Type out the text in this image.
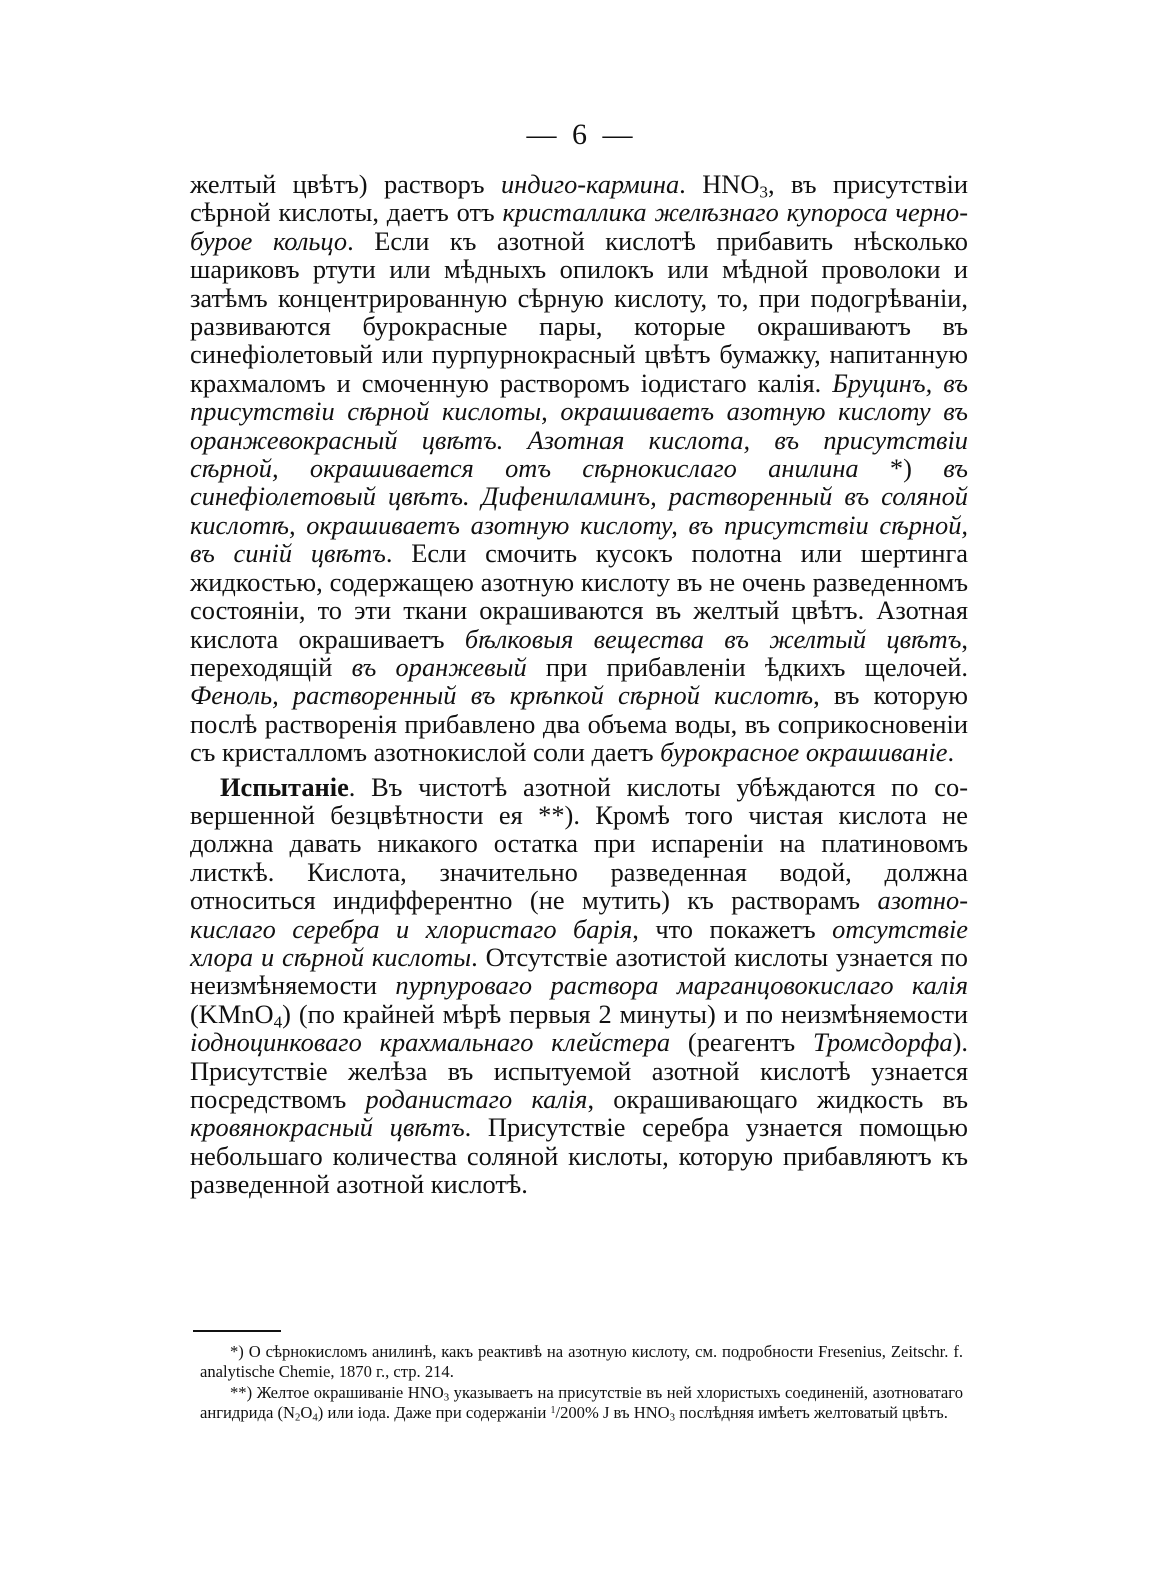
— 6 —

желтый цвѣтъ) растворъ индиго-кармина. $HNO_3$, въ присутствіи сѣрной кислоты, даетъ отъ кристаллика желѣзнаго купороса чернобурое кольцо. Если къ азотной кислотѣ прибавить нѣсколько шариковъ ртути или мѣдныхъ опилокъ или мѣдной проволоки и затѣмъ концентрированную сѣрную кислоту, то, при подогрѣваніи, развиваются бурокрасные пары, которые окрашиваютъ въ синефіолетовый или пурпурнокрасный цвѣтъ бумажку, напитанную крахмаломъ и смоченную растворомъ іодистаго калія. Бруцинъ, въ присутствіи сѣрной кислоты, окрашиваетъ азотную кислоту въ оранжевокрасный цвѣтъ. Азотная кислота, въ присутствіи сѣрной, окрашивается отъ сѣрнокислаго анилина *) въ синефіолетовый цвѣтъ. Дифениламинъ, растворенный въ соляной кислотѣ, окрашиваетъ азотную кислоту, въ присутствіи сѣрной, въ синій цвѣтъ. Если смочить кусокъ полотна или шертинга жидкостью, содержащею азотную кислоту въ не очень разведенномъ состояніи, то эти ткани окрашиваются въ желтый цвѣтъ. Азотная кислота окрашиваетъ бѣлковыя вещества въ желтый цвѣтъ, переходящій въ оранжевый при прибавленіи ѣдкихъ щелочей. Феноль, растворенный въ крѣпкой сѣрной кислотѣ, въ которую послѣ растворенія прибавлено два объема воды, въ соприкосновеніи съ кристалломъ азотнокислой соли даетъ бурокрасное окрашиваніе.

Испытаніе. Въ чистотѣ азотной кислоты убѣждаются по совершенной безцвѣтности ея **). Кромѣ того чистая кислота не должна давать никакого остатка при испареніи на платиновомъ листкѣ. Кислота, значительно разведенная водой, должна относиться индифферентно (не мутить) къ растворамъ азотнокислаго серебра и хлористаго барія, что покажетъ отсутствіе хлора и сѣрной кислоты. Отсутствіе азотистой кислоты узнается по неизмѣняемости пурпуроваго раствора марганцовокислаго калія (KMnO$_4$) (по крайней мѣрѣ первыя 2 минуты) и по неизмѣняемости іодноцинковаго крахмальнаго клейстера (реагентъ Тромсдорфа). Присутствіе желѣза въ испытуемой азотной кислотѣ узнается посредствомъ роданистаго калія, окрашивающаго жидкость въ кровянокрасный цвѣтъ. Присутствіе серебра узнается помощью небольшаго количества соляной кислоты, которую прибавляютъ къ разведенной азотной кислотѣ.

*) О сѣрнокисломъ анилинѣ, какъ реактивѣ на азотную кислоту, см. подробности Fresenius, Zeitschr. f. analytische Chemie, 1870 г., стр. 214.

**) Желтое окрашиваніе $HNO_3$ указываетъ на присутствіе въ ней хлористыхъ соединеній, азотноватаго ангидрида $(N_2O_4)$ или іода. Даже при содержаніи $^1$/200% J въ $HNO_3$ послѣдняя имѣетъ желтоватый цвѣтъ.
